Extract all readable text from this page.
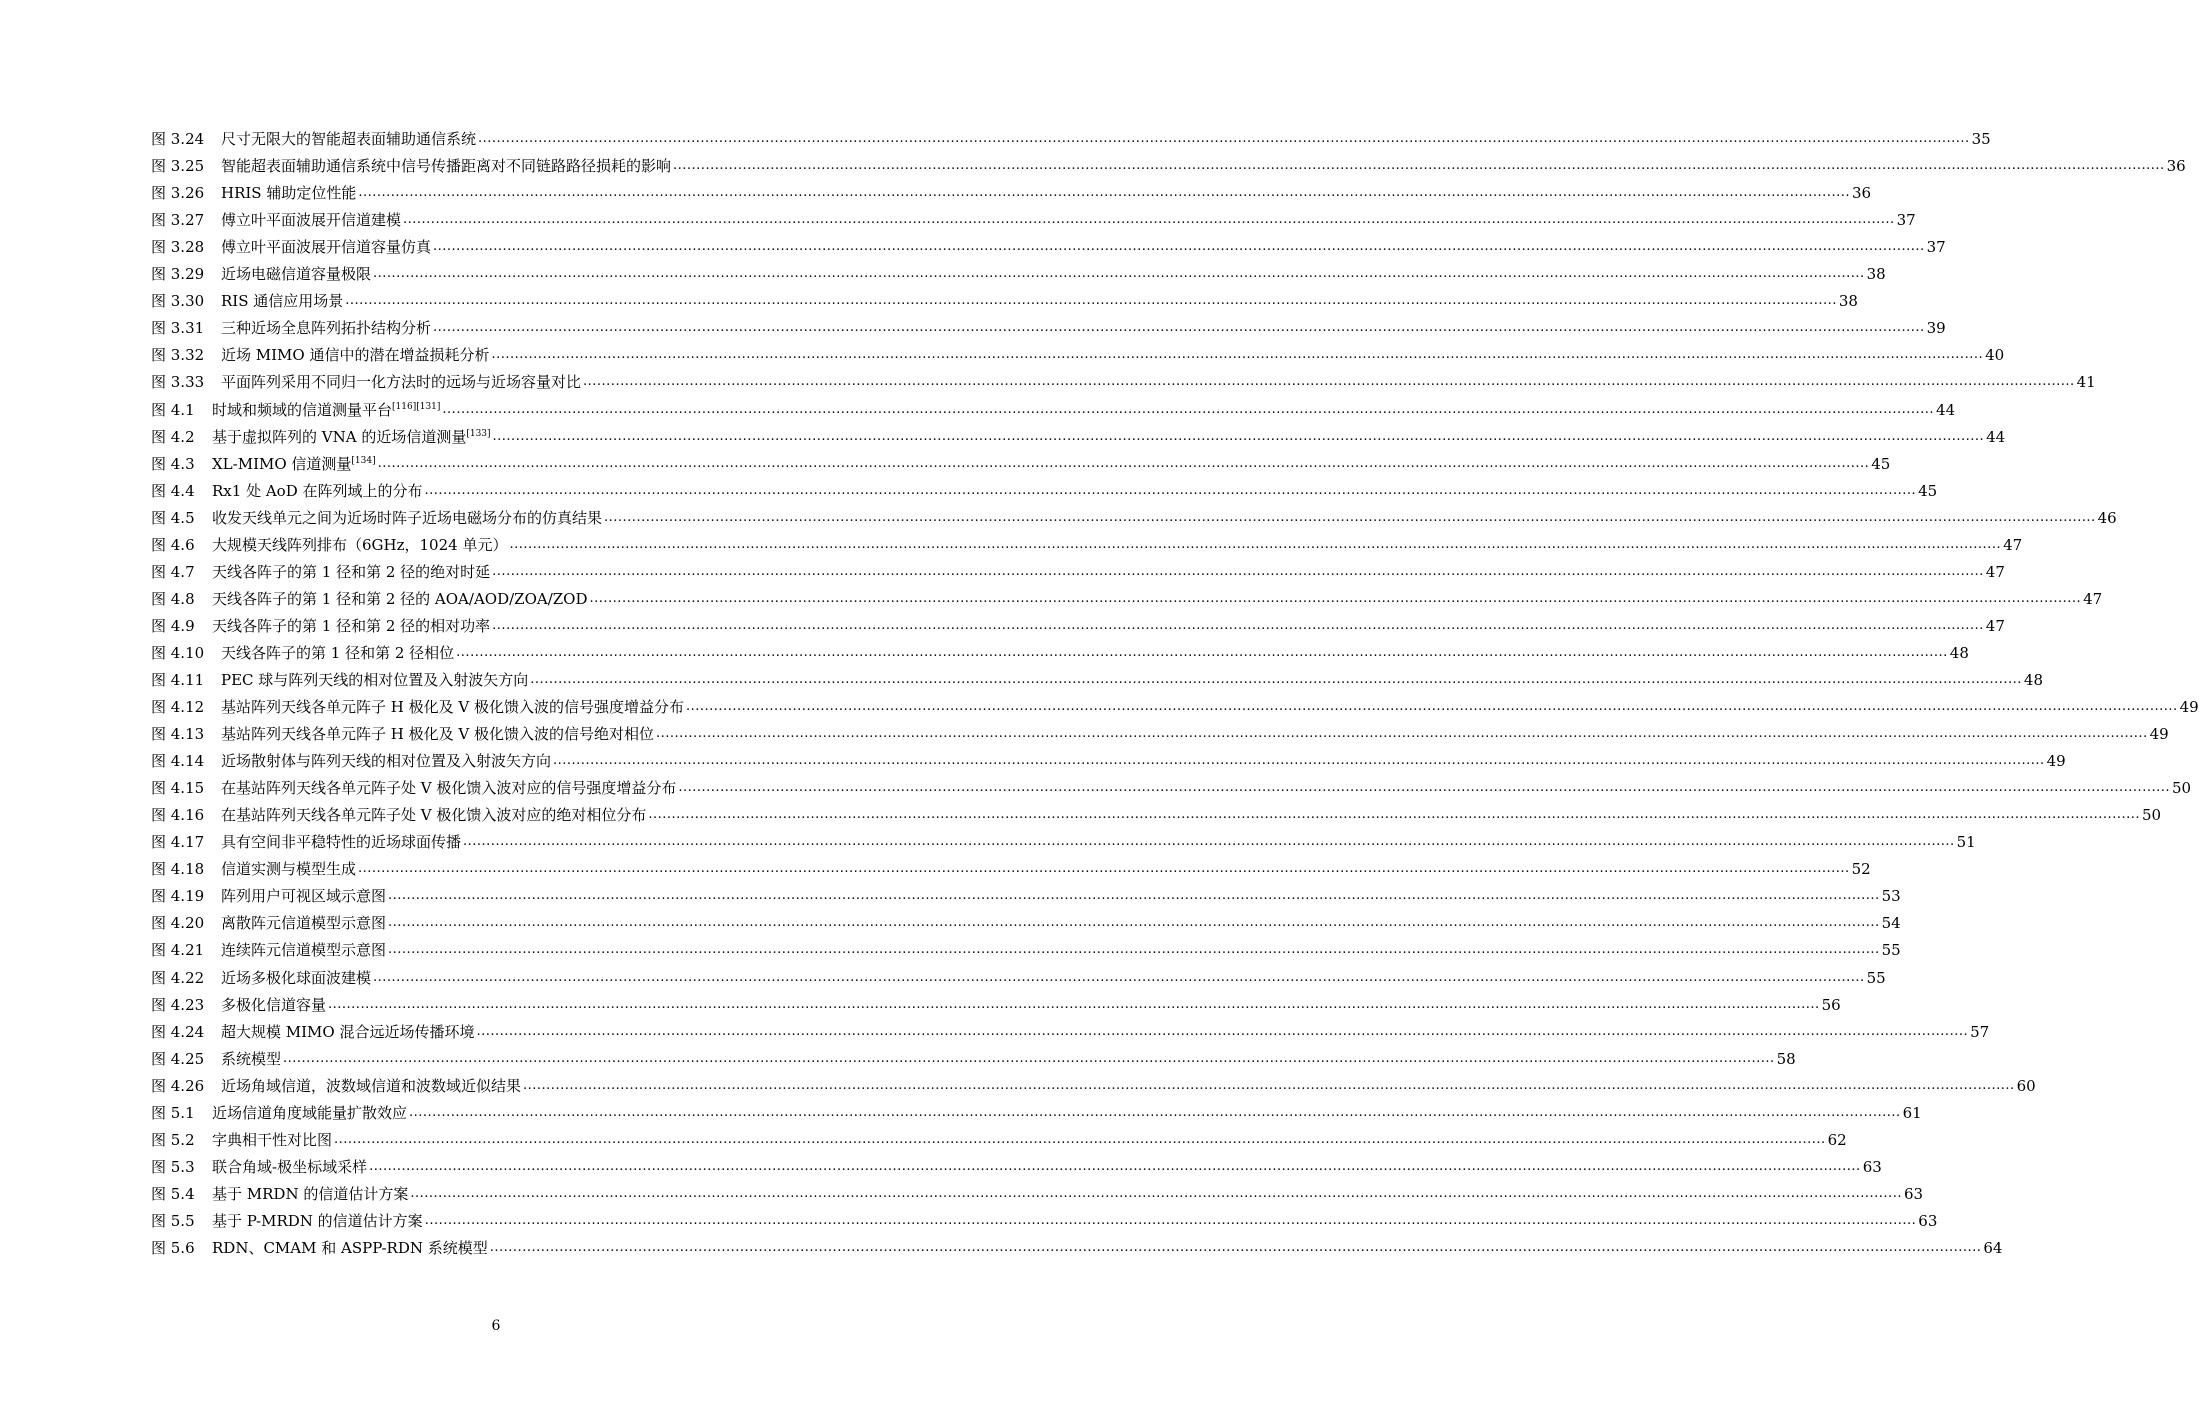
图 3.24	尺寸无限大的智能超表面辅助通信系统 .....	35
图 3.25	智能超表面辅助通信系统中信号传播距离对不同链路路径损耗的影响 .....	36
图 3.26	HRIS 辅助定位性能 .....	36
图 3.27	傅立叶平面波展开信道建模 .....	37
图 3.28	傅立叶平面波展开信道容量仿真 .....	37
图 3.29	近场电磁信道容量极限 .....	38
图 3.30	RIS 通信应用场景 .....	38
图 3.31	三种近场全息阵列拓扑结构分析 .....	39
图 3.32	近场 MIMO 通信中的潜在增益损耗分析 .....	40
图 3.33	平面阵列采用不同归一化方法时的远场与近场容量对比 .....	41
图 4.1	时域和频域的信道测量平台[116][131] .....	44
图 4.2	基于虚拟阵列的 VNA 的近场信道测量[133] .....	44
图 4.3	XL-MIMO 信道测量[134] .....	45
图 4.4	Rx1 处 AoD 在阵列域上的分布 .....	45
图 4.5	收发天线单元之间为近场时阵子近场电磁场分布的仿真结果 .....	46
图 4.6	大规模天线阵列排布（6GHz，1024 单元） .....	47
图 4.7	天线各阵子的第 1 径和第 2 径的绝对时延 .....	47
图 4.8	天线各阵子的第 1 径和第 2 径的 AOA/AOD/ZOA/ZOD .....	47
图 4.9	天线各阵子的第 1 径和第 2 径的相对功率 .....	47
图 4.10	天线各阵子的第 1 径和第 2 径相位 .....	48
图 4.11	PEC 球与阵列天线的相对位置及入射波矢方向 .....	48
图 4.12	基站阵列天线各单元阵子 H 极化及 V 极化馈入波的信号强度增益分布 .....	49
图 4.13	基站阵列天线各单元阵子 H 极化及 V 极化馈入波的信号绝对相位 .....	49
图 4.14	近场散射体与阵列天线的相对位置及入射波矢方向 .....	49
图 4.15	在基站阵列天线各单元阵子处 V 极化馈入波对应的信号强度增益分布 .....	50
图 4.16	在基站阵列天线各单元阵子处 V 极化馈入波对应的绝对相位分布 .....	50
图 4.17	具有空间非平稳特性的近场球面传播 .....	51
图 4.18	信道实测与模型生成 .....	52
图 4.19	阵列用户可视区域示意图 .....	53
图 4.20	离散阵元信道模型示意图 .....	54
图 4.21	连续阵元信道模型示意图 .....	55
图 4.22	近场多极化球面波建模 .....	55
图 4.23	多极化信道容量 .....	56
图 4.24	超大规模 MIMO 混合远近场传播环境 .....	57
图 4.25	系统模型 .....	58
图 4.26	近场角域信道，波数域信道和波数域近似结果 .....	60
图 5.1	近场信道角度域能量扩散效应 .....	61
图 5.2	字典相干性对比图 .....	62
图 5.3	联合角域-极坐标域采样 .....	63
图 5.4	基于 MRDN 的信道估计方案 .....	63
图 5.5	基于 P-MRDN 的信道估计方案 .....	63
图 5.6	RDN、CMAM 和 ASPP-RDN 系统模型 .....	64
6
